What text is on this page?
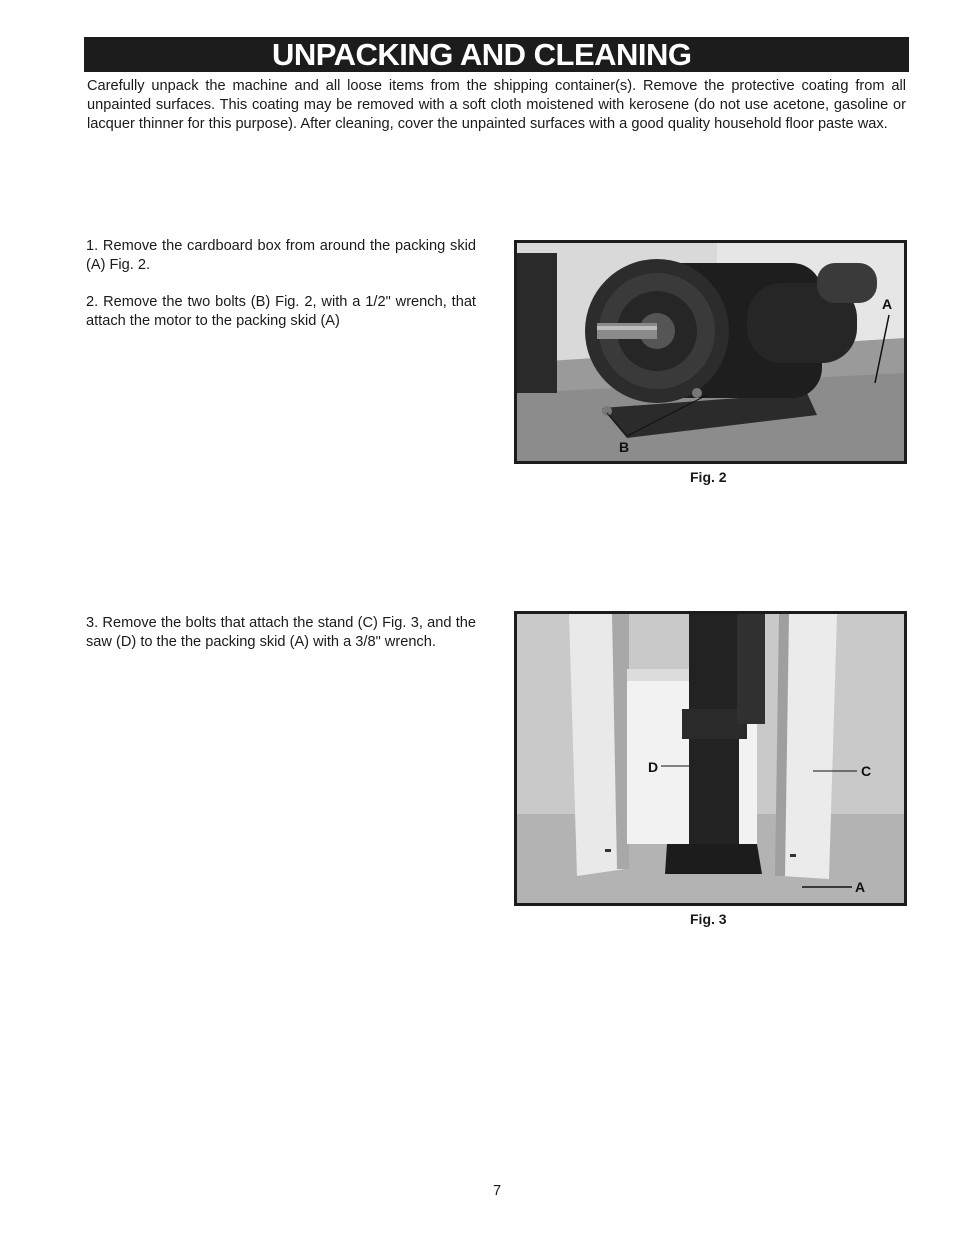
UNPACKING AND CLEANING

Carefully unpack the machine and all loose items from the shipping container(s). Remove the protective coating from all unpainted surfaces. This coating may be removed with a soft cloth moistened with kerosene (do not use acetone, gasoline or lacquer thinner for this purpose). After cleaning, cover the unpainted surfaces with a good quality household floor paste wax.

1. Remove the cardboard box from around the packing skid (A) Fig. 2.

2. Remove the two bolts (B) Fig. 2, with a 1/2" wrench, that attach the motor to the packing skid (A)

A
B

Fig. 2

3. Remove the bolts that attach the stand (C) Fig. 3, and the saw (D) to the the packing skid (A) with a 3/8" wrench.

D	C
A

Fig. 3

7
